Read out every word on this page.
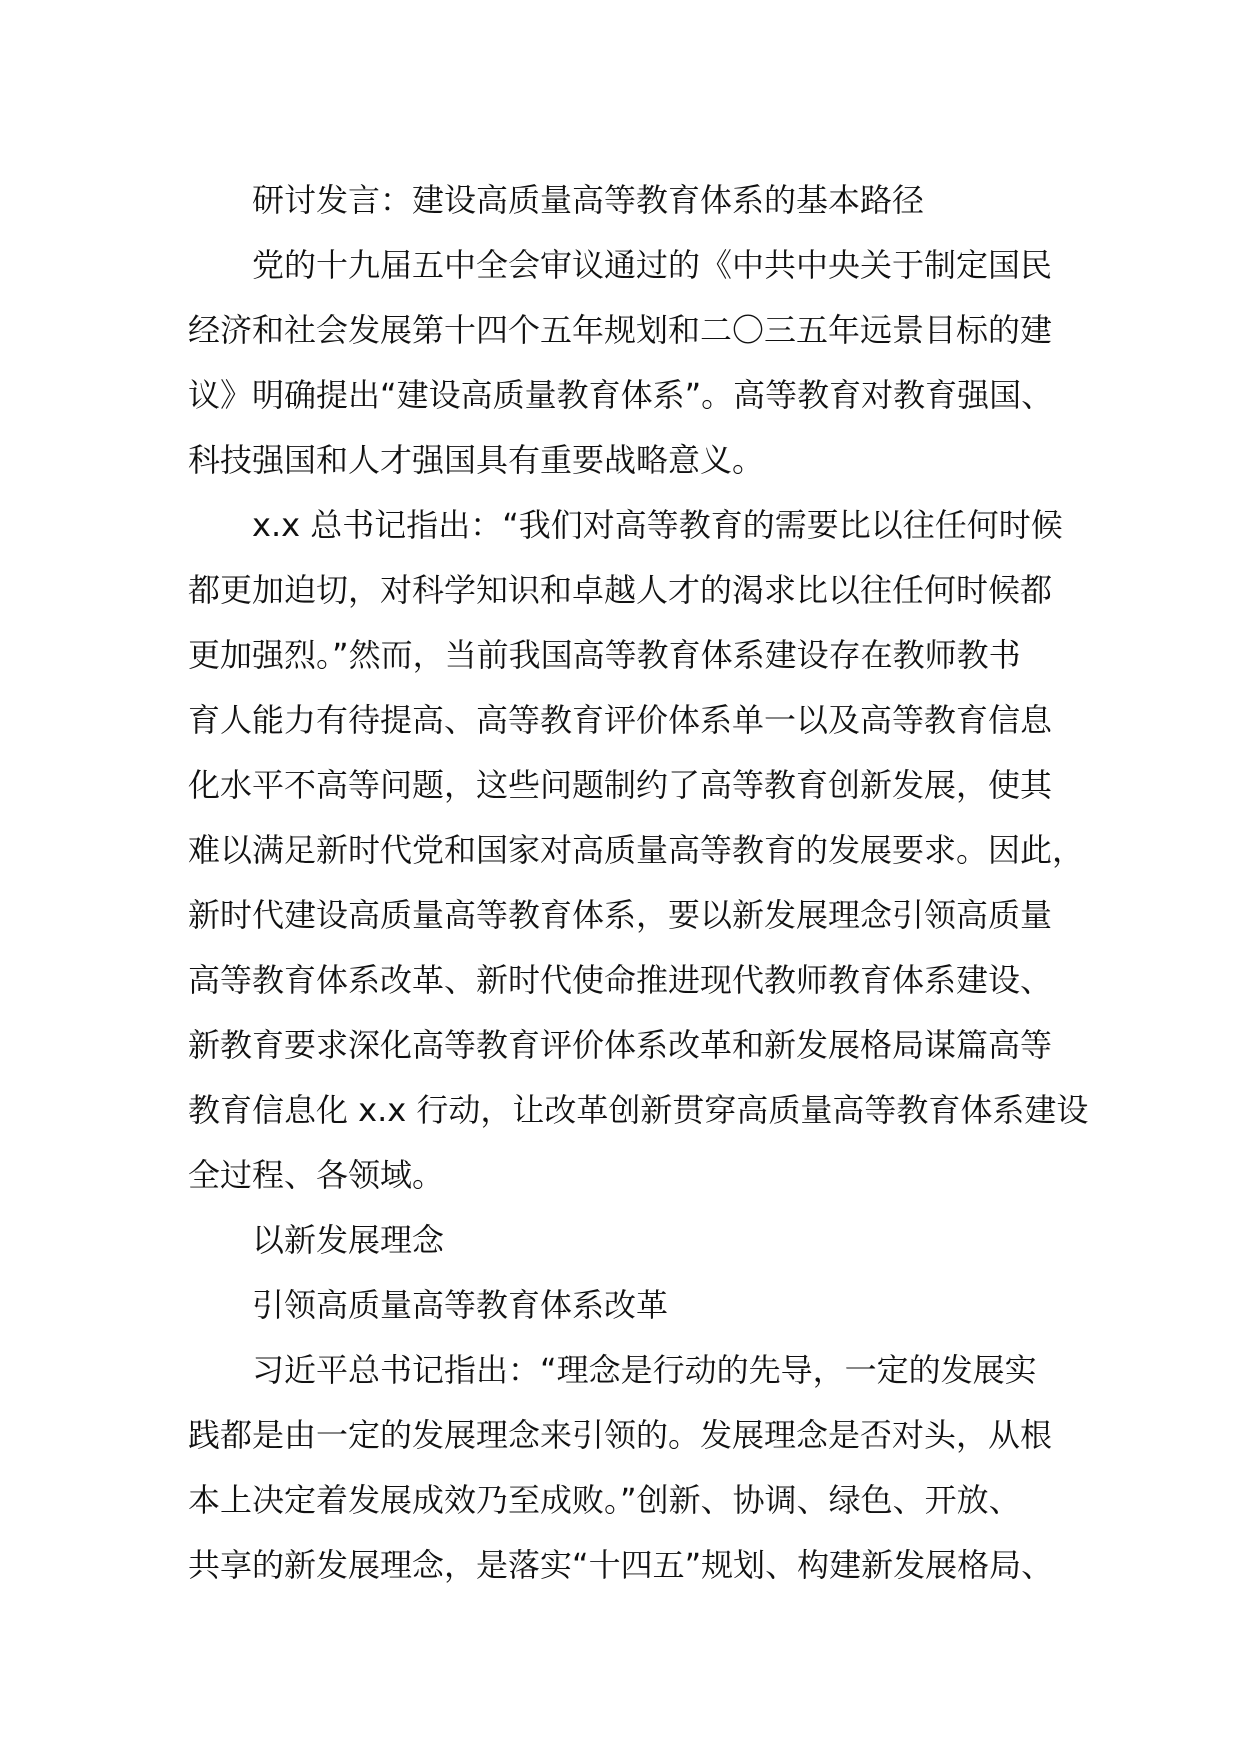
研讨发言：建设高质量高等教育体系的基本路径
党的十九届五中全会审议通过的《中共中央关于制定国民
经济和社会发展第十四个五年规划和二〇三五年远景目标的建
议》明确提出“建设高质量教育体系”。高等教育对教育强国、
科技强国和人才强国具有重要战略意义。
x.x 总书记指出：“我们对高等教育的需要比以往任何时候
都更加迫切，对科学知识和卓越人才的渴求比以往任何时候都
更加强烈。”然而，当前我国高等教育体系建设存在教师教书
育人能力有待提高、高等教育评价体系单一以及高等教育信息
化水平不高等问题，这些问题制约了高等教育创新发展，使其
难以满足新时代党和国家对高质量高等教育的发展要求。因此，
新时代建设高质量高等教育体系，要以新发展理念引领高质量
高等教育体系改革、新时代使命推进现代教师教育体系建设、
新教育要求深化高等教育评价体系改革和新发展格局谋篇高等
教育信息化 x.x 行动，让改革创新贯穿高质量高等教育体系建设
全过程、各领域。
以新发展理念
引领高质量高等教育体系改革
习近平总书记指出：“理念是行动的先导，一定的发展实
践都是由一定的发展理念来引领的。发展理念是否对头，从根
本上决定着发展成效乃至成败。”创新、协调、绿色、开放、
共享的新发展理念，是落实“十四五”规划、构建新发展格局、
